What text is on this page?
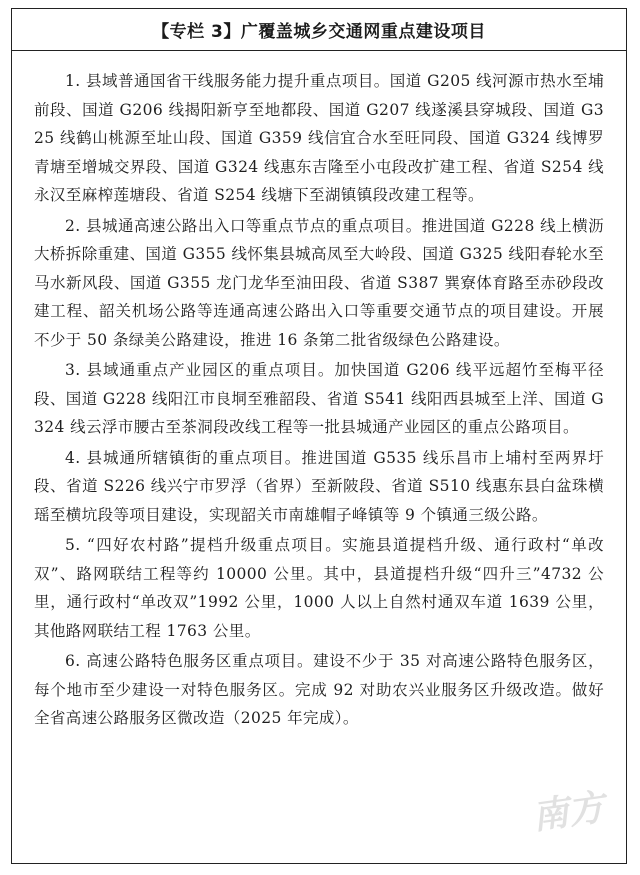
【专栏 3】广覆盖城乡交通网重点建设项目

1. 县域普通国省干线服务能力提升重点项目。国道 G205 线河源市热水至埔前段、国道 G206 线揭阳新亨至地都段、国道 G207 线遂溪县穿城段、国道 G325 线鹤山桃源至址山段、国道 G359 线信宜合水至旺同段、国道 G324 线博罗青塘至增城交界段、国道 G324 线惠东吉隆至小屯段改扩建工程、省道 S254 线永汉至麻榨莲塘段、省道 S254 线塘下至湖镇镇段改建工程等。

2. 县城通高速公路出入口等重点节点的重点项目。推进国道 G228 线上横沥大桥拆除重建、国道 G355 线怀集县城高凤至大岭段、国道 G325 线阳春轮水至马水新风段、国道 G355 龙门龙华至油田段、省道 S387 巽寮体育路至赤砂段改建工程、韶关机场公路等连通高速公路出入口等重要交通节点的项目建设。开展不少于 50 条绿美公路建设，推进 16 条第二批省级绿色公路建设。

3. 县域通重点产业园区的重点项目。加快国道 G206 线平远超竹至梅平径段、国道 G228 线阳江市良垌至雅韶段、省道 S541 线阳西县城至上洋、国道 G324 线云浮市腰古至茶洞段改线工程等一批县城通产业园区的重点公路项目。

4. 县城通所辖镇街的重点项目。推进国道 G535 线乐昌市上埔村至两界圩段、省道 S226 线兴宁市罗浮（省界）至新陂段、省道 S510 线惠东县白盆珠横瑶至横坑段等项目建设，实现韶关市南雄帽子峰镇等 9 个镇通三级公路。

5. “四好农村路”提档升级重点项目。实施县道提档升级、通行政村“单改双”、路网联结工程等约 10000 公里。其中，县道提档升级“四升三”4732 公里，通行政村“单改双”1992 公里，1000 人以上自然村通双车道 1639 公里，其他路网联结工程 1763 公里。

6. 高速公路特色服务区重点项目。建设不少于 35 对高速公路特色服务区，每个地市至少建设一对特色服务区。完成 92 对助农兴业服务区升级改造。做好全省高速公路服务区微改造（2025 年完成）。

南方
